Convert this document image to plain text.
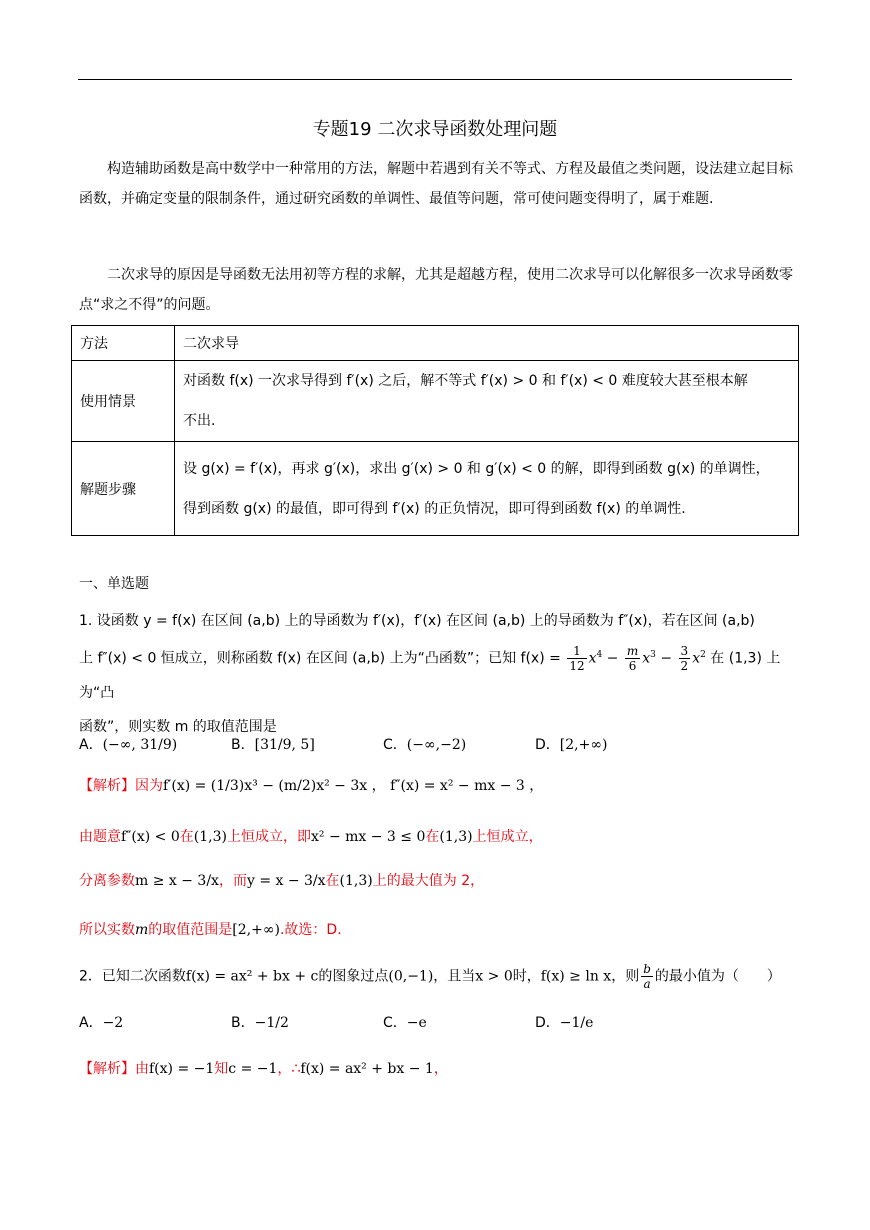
专题19 二次求导函数处理问题
构造辅助函数是高中数学中一种常用的方法，解题中若遇到有关不等式、方程及最值之类问题，设法建立起目标函数，并确定变量的限制条件，通过研究函数的单调性、最值等问题，常可使问题变得明了，属于难题.
二次求导的原因是导函数无法用初等方程的求解，尤其是超越方程，使用二次求导可以化解很多一次求导函数零点“求之不得”的问题。
方法	二次求导
使用情景	对函数 f(x) 一次求导得到 f′(x) 之后，解不等式 f′(x) > 0 和 f′(x) < 0 难度较大甚至根本解
不出.

解题步骤	设 g(x) = f′(x)，再求 g′(x)，求出 g′(x) > 0 和 g′(x) < 0 的解，即得到函数 g(x) 的单调性，
得到函数 g(x) 的最值，即可得到 f′(x) 的正负情况，即可得到函数 f(x) 的单调性.
一、单选题
1. 设函数 y = f(x) 在区间 (a,b) 上的导函数为 f′(x)，f′(x) 在区间 (a,b) 上的导函数为 f″(x)，若在区间 (a,b)
上 f″(x) < 0 恒成立，则称函数 f(x) 在区间 (a,b) 上为“凸函数”；已知 $f(x) = \frac{1}{12} x^4 - \frac{m}{6} x^3 - \frac{3}{2} x^2$ 在 (1,3) 上为“凸
函数”，则实数 m 的取值范围是
A．(−∞, 31/9)	B．[31/9, 5]	C．(−∞,−2)	D．[2,+∞)
【解析】因为f′(x) = (1/3)x³ − (m/2)x² − 3x ， f″(x) = x² − mx − 3 ，
由题意f″(x) < 0在(1,3)上恒成立，即x² − mx − 3 ≤ 0在(1,3)上恒成立，
分离参数m ≥ x − 3/x，而y = x − 3/x在(1,3)上的最大值为 2，
所以实数m的取值范围是[2,+∞).故选：D.
2．已知二次函数f(x) = ax² + bx + c的图象过点(0,−1)，且当x > 0时，f(x) ≥ ln x，则 $\frac{b}{a}$ 的最小值为（　　）
A．−2	B．−1/2	C．−e	D．−1/e
【解析】由f(x) = −1知c = −1，∴f(x) = ax² + bx − 1，
